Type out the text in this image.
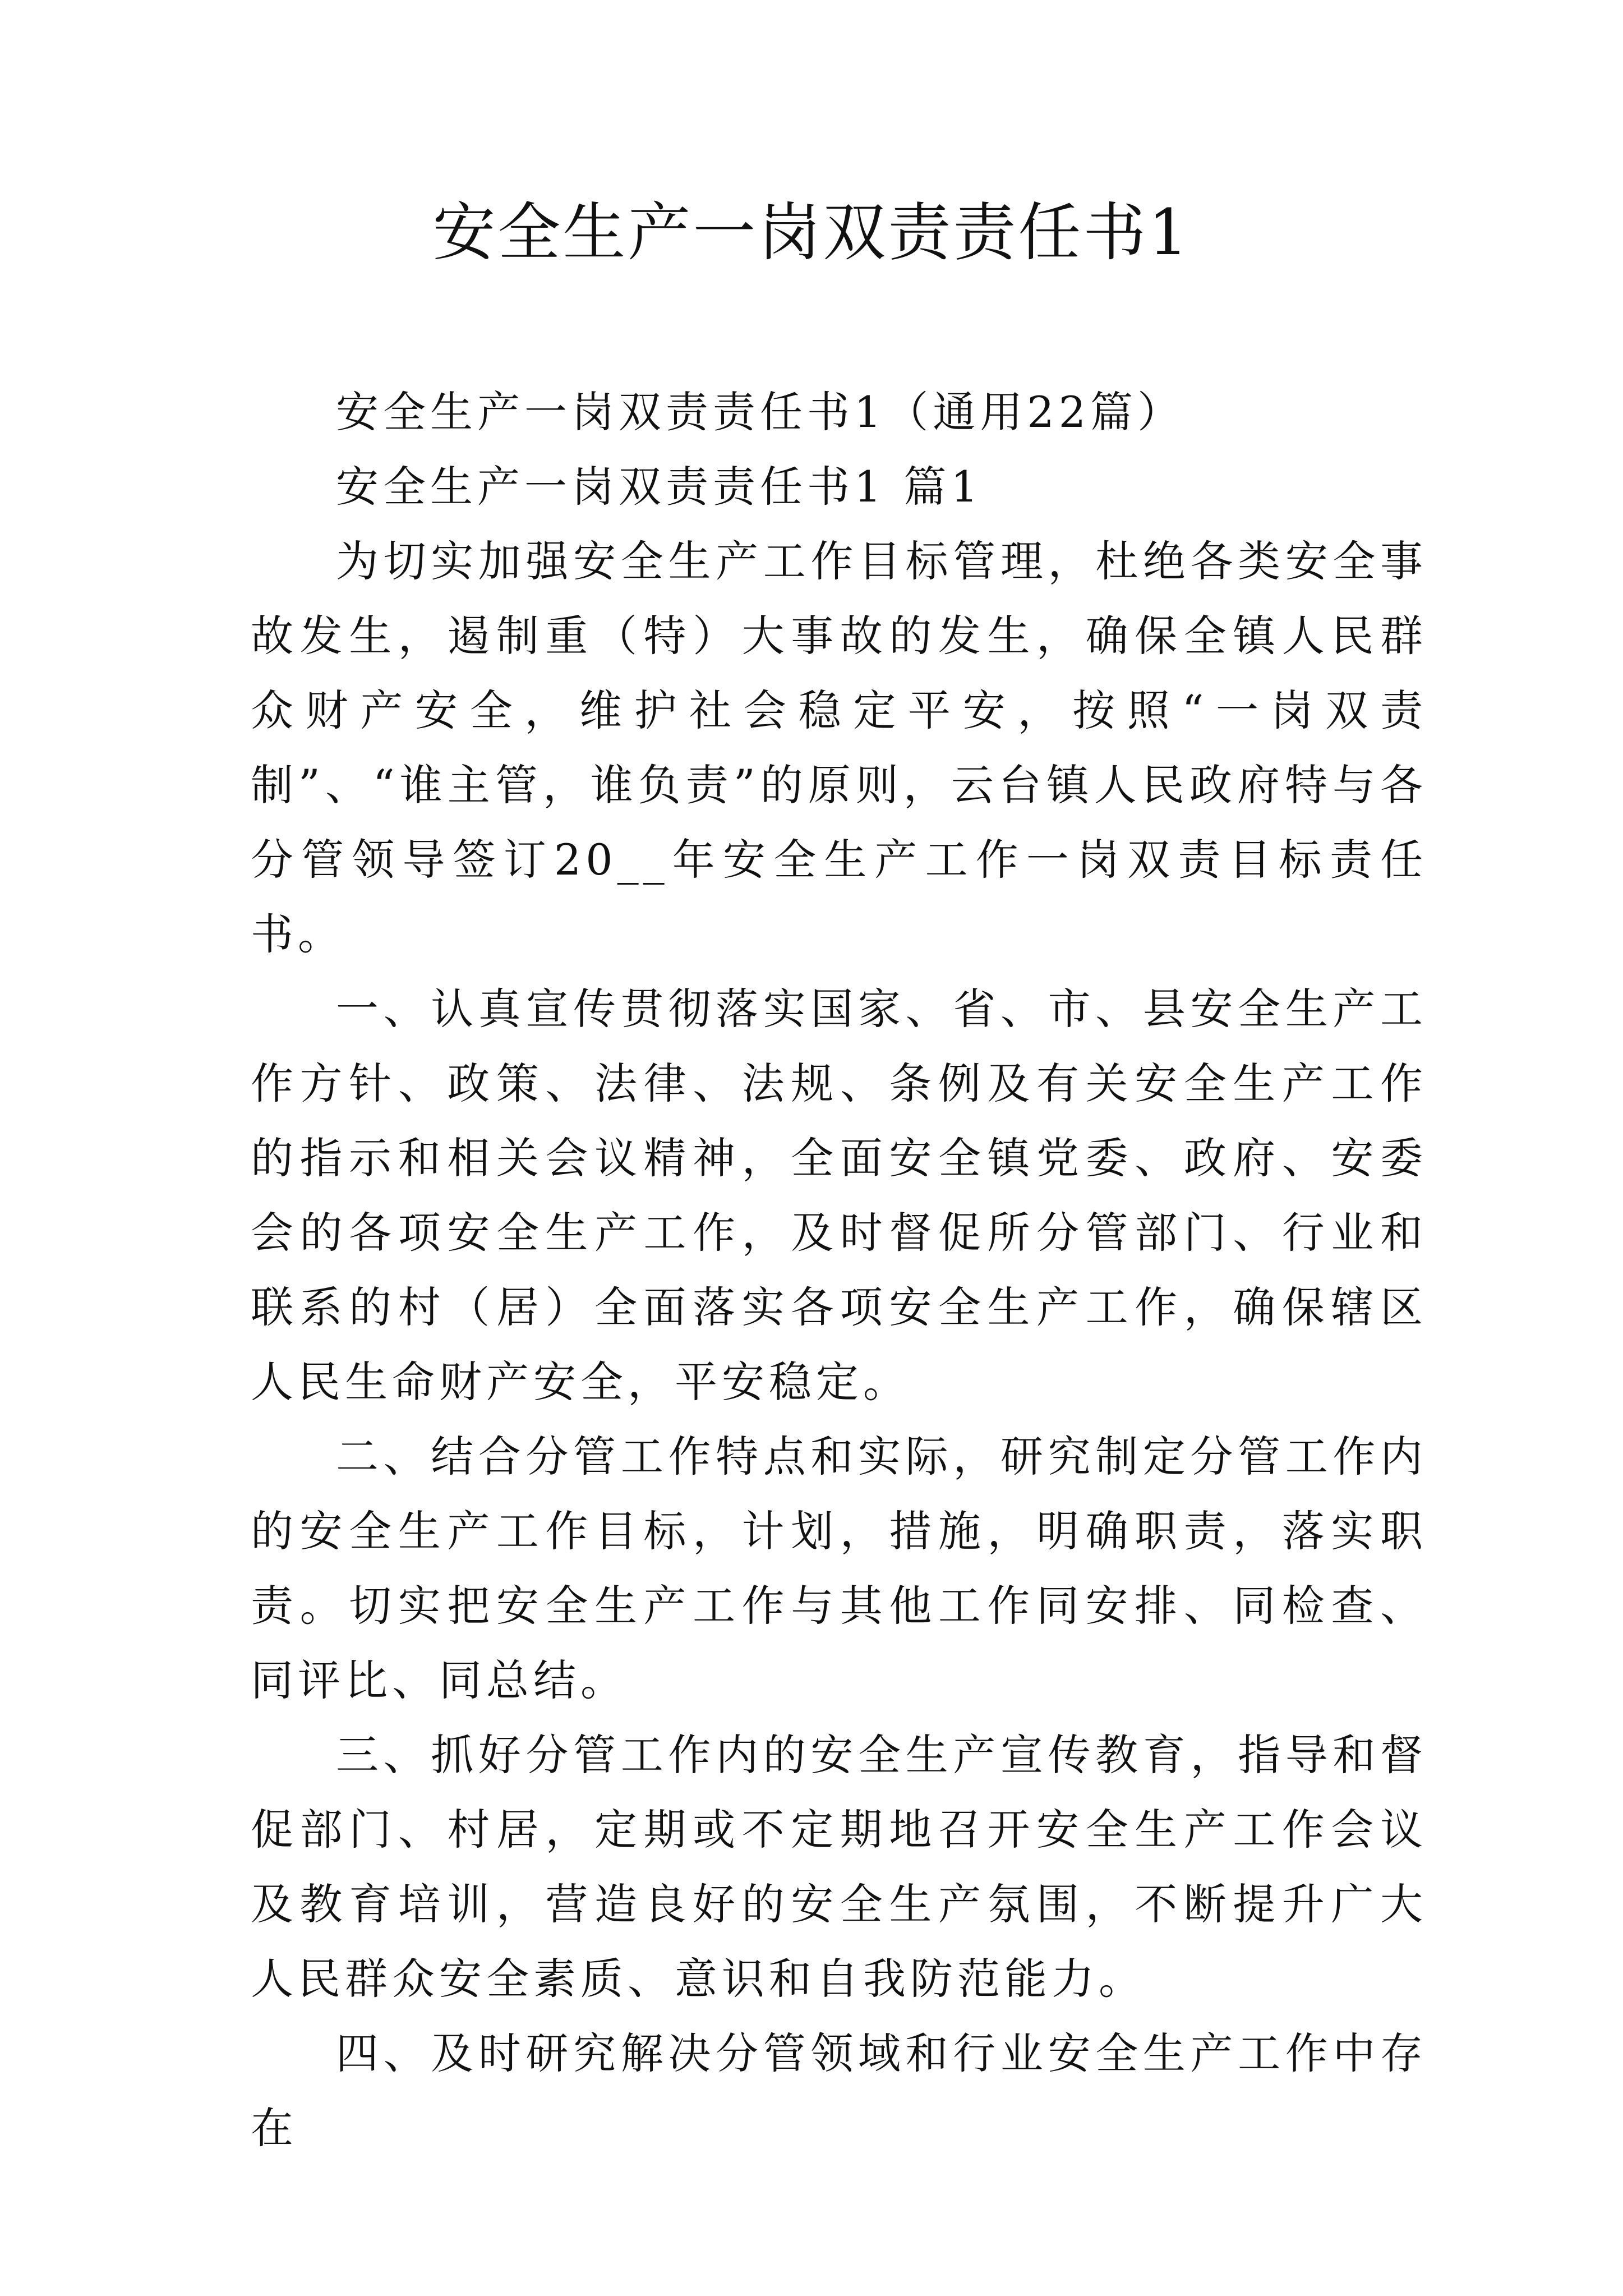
安全生产一岗双责责任书1

安全生产一岗双责责任书1（通用22篇）

安全生产一岗双责责任书1 篇1

为切实加强安全生产工作目标管理，杜绝各类安全事故发生，遏制重（特）大事故的发生，确保全镇人民群众财产安全，维护社会稳定平安，按照“一岗双责制”、“谁主管，谁负责”的原则，云台镇人民政府特与各分管领导签订20__年安全生产工作一岗双责目标责任书。

一、认真宣传贯彻落实国家、省、市、县安全生产工作方针、政策、法律、法规、条例及有关安全生产工作的指示和相关会议精神，全面安全镇党委、政府、安委会的各项安全生产工作，及时督促所分管部门、行业和联系的村（居）全面落实各项安全生产工作，确保辖区人民生命财产安全，平安稳定。

二、结合分管工作特点和实际，研究制定分管工作内的安全生产工作目标，计划，措施，明确职责，落实职责。切实把安全生产工作与其他工作同安排、同检查、同评比、同总结。

三、抓好分管工作内的安全生产宣传教育，指导和督促部门、村居，定期或不定期地召开安全生产工作会议及教育培训，营造良好的安全生产氛围，不断提升广大人民群众安全素质、意识和自我防范能力。

四、及时研究解决分管领域和行业安全生产工作中存在
